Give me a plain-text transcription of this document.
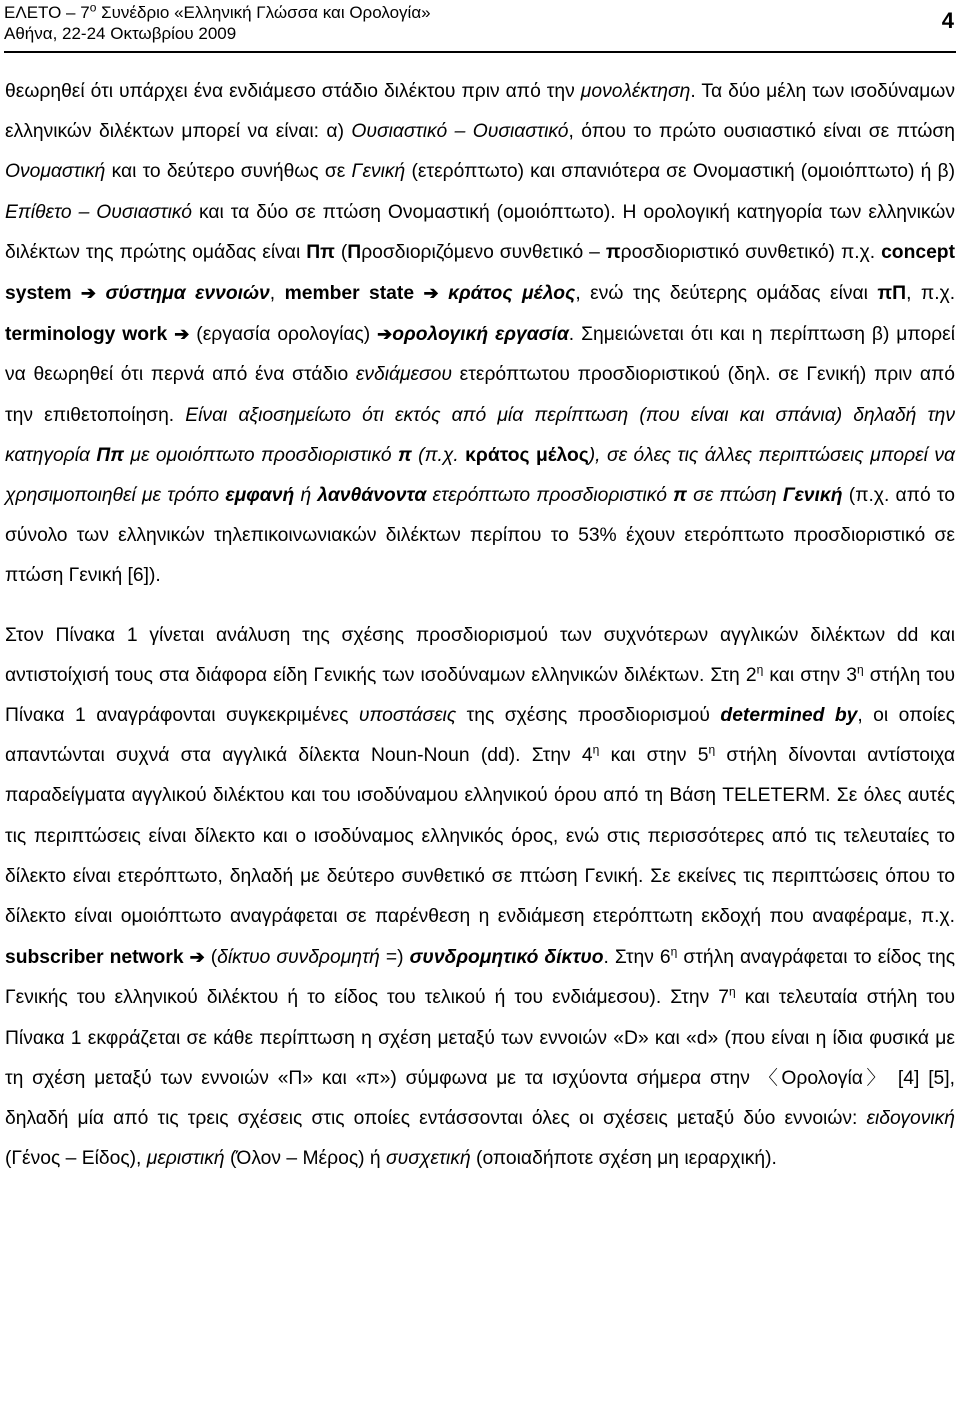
ΕΛΕΤΟ – $7^o$ Συνέδριο «Ελληνική Γλώσσα και Ορολογία»
Αθήνα, 22-24 Οκτωβρίου 2009
4

θεωρηθεί ότι υπάρχει ένα ενδιάμεσο στάδιο διλέκτου πριν από την μονολέκτηση. Τα δύο μέλη των ισοδύναμων ελληνικών διλέκτων μπορεί να είναι: α) Ουσιαστικό – Ουσιαστικό, όπου το πρώτο ουσιαστικό είναι σε πτώση Ονομαστική και το δεύτερο συνήθως σε Γενική (ετερόπτωτο) και σπανιότερα σε Ονομαστική (ομοιόπτωτο) ή β) Επίθετο – Ουσιαστικό και τα δύο σε πτώση Ονομαστική (ομοιόπτωτο). Η ορολογική κατηγορία των ελληνικών διλέκτων της πρώτης ομάδας είναι Ππ (Προσδιοριζόμενο συνθετικό – προσδιοριστικό συνθετικό) π.χ. concept system ➔ σύστημα εννοιών, member state ➔ κράτος μέλος, ενώ της δεύτερης ομάδας είναι πΠ, π.χ. terminology work ➔ (εργασία ορολογίας) ➔ορολογική εργασία. Σημειώνεται ότι και η περίπτωση β) μπορεί να θεωρηθεί ότι περνά από ένα στάδιο ενδιάμεσου ετερόπτωτου προσδιοριστικού (δηλ. σε Γενική) πριν από την επιθετοποίηση. Είναι αξιοσημείωτο ότι εκτός από μία περίπτωση (που είναι και σπάνια) δηλαδή την κατηγορία Ππ με ομοιόπτωτο προσδιοριστικό π (π.χ. κράτος μέλος), σε όλες τις άλλες περιπτώσεις μπορεί να χρησιμοποιηθεί με τρόπο εμφανή ή λανθάνοντα ετερόπτωτο προσδιοριστικό π σε πτώση Γενική (π.χ. από το σύνολο των ελληνικών τηλεπικοινωνιακών διλέκτων περίπου το 53% έχουν ετερόπτωτο προσδιοριστικό σε πτώση Γενική [6]).

Στον Πίνακα 1 γίνεται ανάλυση της σχέσης προσδιορισμού των συχνότερων αγγλικών διλέκτων dd και αντιστοίχισή τους στα διάφορα είδη Γενικής των ισοδύναμων ελληνικών διλέκτων. Στη $2^\eta$ και στην $3^\eta$ στήλη του Πίνακα 1 αναγράφονται συγκεκριμένες υποστάσεις της σχέσης προσδιορισμού determined by, οι οποίες απαντώνται συχνά στα αγγλικά δίλεκτα Noun-Noun (dd). Στην $4^\eta$ και στην $5^\eta$ στήλη δίνονται αντίστοιχα παραδείγματα αγγλικού διλέκτου και του ισοδύναμου ελληνικού όρου από τη Βάση TELETERM. Σε όλες αυτές τις περιπτώσεις είναι δίλεκτο και ο ισοδύναμος ελληνικός όρος, ενώ στις περισσότερες από τις τελευταίες το δίλεκτο είναι ετερόπτωτο, δηλαδή με δεύτερο συνθετικό σε πτώση Γενική. Σε εκείνες τις περιπτώσεις όπου το δίλεκτο είναι ομοιόπτωτο αναγράφεται σε παρένθεση η ενδιάμεση ετερόπτωτη εκδοχή που αναφέραμε, π.χ. subscriber network ➔ (δίκτυο συνδρομητή =) συνδρομητικό δίκτυο. Στην $6^\eta$ στήλη αναγράφεται το είδος της Γενικής του ελληνικού διλέκτου ή το είδος του τελικού ή του ενδιάμεσου). Στην $7^\eta$ και τελευταία στήλη του Πίνακα 1 εκφράζεται σε κάθε περίπτωση η σχέση μεταξύ των εννοιών «D» και «d» (που είναι η ίδια φυσικά με τη σχέση μεταξύ των εννοιών «Π» και «π») σύμφωνα με τα ισχύοντα σήμερα στην 〈Ορολογία〉 [4] [5], δηλαδή μία από τις τρεις σχέσεις στις οποίες εντάσσονται όλες οι σχέσεις μεταξύ δύο εννοιών: ειδογονική (Γένος – Είδος), μεριστική (Όλον – Μέρος) ή συσχετική (οποιαδήποτε σχέση μη ιεραρχική).
